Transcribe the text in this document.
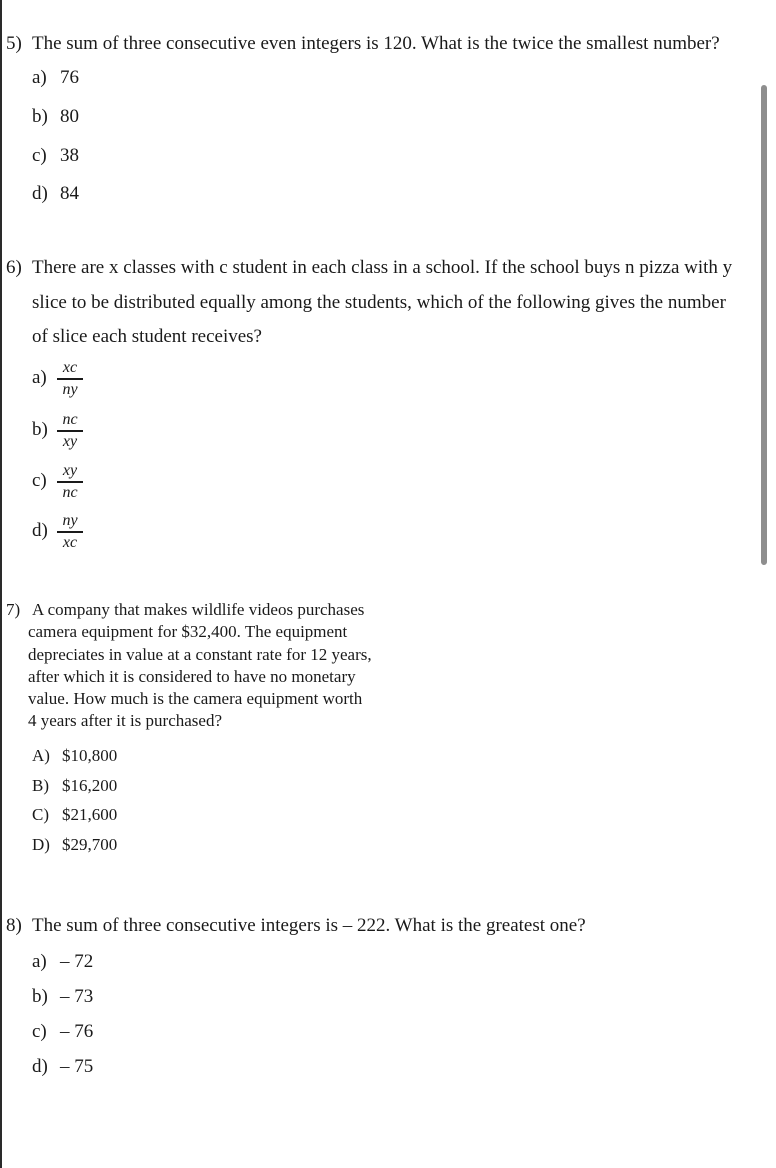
5) The sum of three consecutive even integers is 120. What is the twice the smallest number?
a) 76
b) 80
c) 38
d) 84
6) There are x classes with c student in each class in a school. If the school buys n pizza with y
slice to be distributed equally among the students, which of the following gives the number
of slice each student receives?
a)	xc
ny
b) nc
xy
c)	xy
nc
d) ny
xc
7) A company that makes wildlife videos purchases
camera equipment for $32,400. The equipment
depreciates in value at a constant rate for 12 years,
after which it is considered to have no monetary
value. How much is the camera equipment worth
4 years after it is purchased?
A) $10,800
B) $16,200
C) $21,600
D) $29,700
8) The sum of three consecutive integers is – 222. What is the greatest one?
a) – 72
b) – 73
c) – 76
d) – 75
